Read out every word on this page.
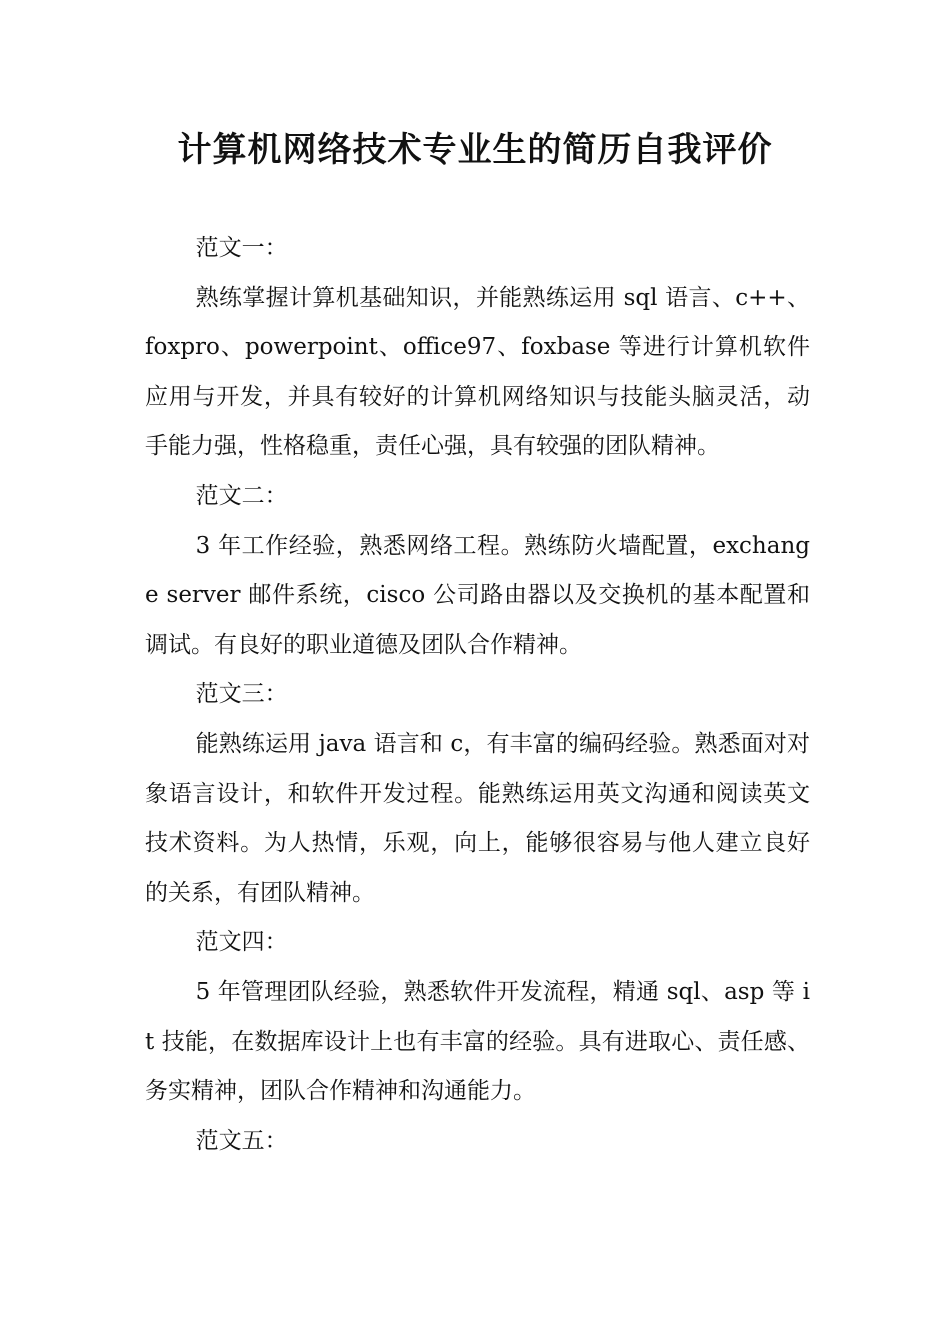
计算机网络技术专业生的简历自我评价

范文一：

熟练掌握计算机基础知识，并能熟练运用 sql 语言、c++、foxpro、powerpoint、office97、foxbase 等进行计算机软件应用与开发，并具有较好的计算机网络知识与技能头脑灵活，动手能力强，性格稳重，责任心强，具有较强的团队精神。

范文二：

3 年工作经验，熟悉网络工程。熟练防火墙配置，exchange server 邮件系统，cisco 公司路由器以及交换机的基本配置和调试。有良好的职业道德及团队合作精神。

范文三：

能熟练运用 java 语言和 c，有丰富的编码经验。熟悉面对对象语言设计，和软件开发过程。能熟练运用英文沟通和阅读英文技术资料。为人热情，乐观，向上，能够很容易与他人建立良好的关系，有团队精神。

范文四：

5 年管理团队经验，熟悉软件开发流程，精通 sql、asp 等 it 技能，在数据库设计上也有丰富的经验。具有进取心、责任感、务实精神，团队合作精神和沟通能力。

范文五：
